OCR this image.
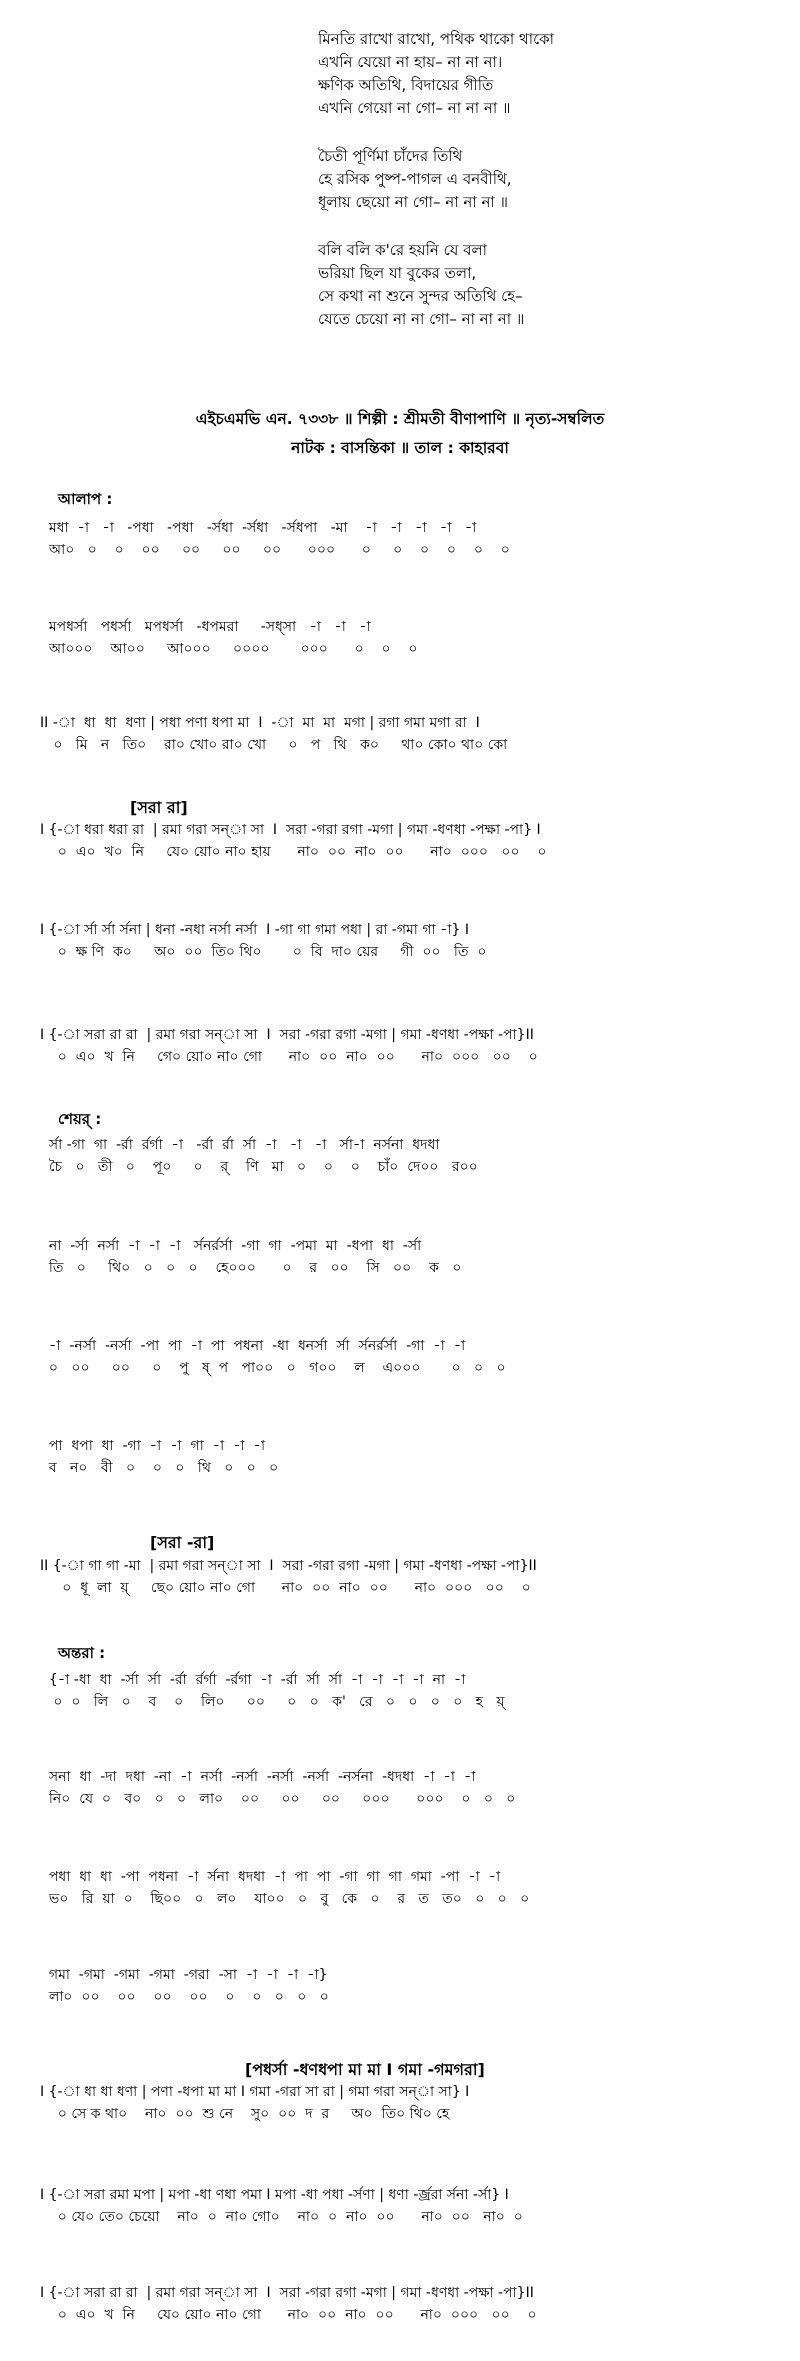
মিনতি রাখো রাখো, পথিক থাকো থাকো
এখনি যেয়ো না হায়– না না না।
ক্ষণিক অতিথি, বিদায়ের গীতি
এখনি গেয়ো না গো– না না না ॥
চৈতী পূর্ণিমা চাঁদের তিথি
হে রসিক পুষ্প-পাগল এ বনবীথি,
ধূলায় ছেয়ো না গো– না না না ॥
বলি বলি ক'রে হয়নি যে বলা
ভরিয়া ছিল যা বুকের তলা,
সে কথা না শুনে সুন্দর অতিথি হে–
যেতে চেয়ো না না গো– না না না ॥
এইচএমভি এন. ৭৩৩৮ ॥ শিল্পী : শ্রীমতী বীণাপাণি ॥ নৃত্য-সম্বলিত
নাটক : বাসন্তিকা ॥ তাল : কাহারবা
আলাপ :
মধা  -া   -া   -পধা   -পধা   -র্সধা  -র্সধা   -র্সধপা   -মা    -া   -া   -া   -া   -া
আ০   ০    ০    ০০     ০০     ০০     ০০      ০০০      ০     ০    ০    ০    ০    ০
মপধর্সা   পধর্সা   মপধর্সা   -ধপমরা     -সধ্সা   -া   -া   -া
আ০০০    আ০০     আ০০০     ০০০০       ০০০      ০    ০    ০
II -া  ধা  ধা  ধণা | পধা পণা ধপা মা  I  -া  মা  মা  মগা | রগা গমা মগা রা  I
০   মি   ন   তি০    রা০ খো০ রা০ খো     ০   প   থি   ক০     থা০ কো০ থা০ কো
[সরা রা]
I {-া ধরা ধরা রা  | রমা গরা সন্‌া সা  I  সরা -গরা রগা -মগা | গমা -ধণধা -পক্ষা -পা} I
০  এ০  খ০  নি     যে০ য়ো০ না০ হায়      না০  ০০  না০  ০০      না০  ০০০   ০০    ০
I {-া র্সা র্সা র্সনা | ধনা -নধা নর্সা নর্সা  I -গা গা গমা পধা | রা -গমা গা -া} I
০  ক্ষ ণি  ক০     অ০  ০০  তি০ থি০       ০  বি  দা০ য়ের     গী  ০০   তি  ০
I {-া সরা রা রা  | রমা গরা সন্‌া সা  I  সরা -গরা রগা -মগা | গমা -ধণধা -পক্ষা -পা}II
০  এ০  খ  নি     গে০ য়ো০ না০ গো      না০  ০০  না০  ০০      না০  ০০০   ০০    ০
শেয়র্ :
র্সা -গা  গা  -র্রা  র্রর্গা  -া   -র্রা  র্রা  র্সা  -া   -া   -া   র্সা-া  নর্সনা  ধদধা
চৈ   ০   তী   ০    পূ০     ০    র্    ণি   মা   ০    ০    ০    চাঁ০  দে০০   র০০
না  -র্সা  নর্সা  -া  -া  -া   র্সনর্রর্সা  -গা  গা  -পমা  মা  -ধপা  ধা  -র্সা
তি   ০     থি০   ০   ০   ০    হে০০০      ০    র   ০০    সি   ০০    ক   ০
-া  -নর্সা  -নর্সা  -পা  পা  -া  পা  পধনা  -ধা  ধনর্সা  র্সা  র্সনর্রর্সা  -গা  -া  -া
০   ০০     ০০     ০    পু   ষ্  প   পা০০   ০   গ০০    ল    এ০০০       ০   ০   ০
পা  ধপা  ধা  -গা  -া  -া  গা  -া  -া  -া
ব   ন০   বী   ০    ০   ০   থি   ০   ০   ০
[সরা -রা]
II {-া গা গা -মা  | রমা গরা সন্‌া সা  I  সরা -গরা রগা -মগা | গমা -ধণধা -পক্ষা -পা}II
০  ধূ  লা  য়্     ছে০ য়ো০ না০ গো      না০  ০০  না০  ০০      না০  ০০০   ০০    ০
অন্তরা :
{-া -ধা  ধা  -র্সা  র্সা  -র্রা  র্রর্গা  -র্রগা  -া  -র্রা  র্সা  র্সা  -া  -া  -া  -া  না  -া
০  ০   লি   ০    ব    ০    লি০     ০০     ০   ০   ক'   রে   ০   ০   ০   ০   হ   য়্
সনা  ধা  -দা  দধা  -না  -া  নর্সা  -নর্সা  -নর্সা  -নর্সা  -নর্সনা  -ধদধা  -া  -া  -া
নি০  যে  ০   ব০   ০   ০   লা০    ০০     ০০     ০০     ০০০      ০০০    ০   ০   ০
পধা  ধা  ধা  -পা  পধনা  -া  র্সনা  ধদধা  -া  পা  পা  -গা  গা  গা  গমা  -পা  -া  -া
ভ০   রি  য়া  ০    ছি০০   ০   ল০    যা০০   ০   বু   কে   ০    র   ত   ত০   ০   ০   ০
গমা  -গমা  -গমা  -গমা  -গরা  -সা  -া  -া  -া  -া}
লা০  ০০    ০০    ০০    ০০    ০    ০   ০   ০   ০
[পধর্সা -ধণধপা মা মা I গমা -গমগরা]
I {-া ধা ধা ধণা | পণা -ধপা মা মা I গমা -গরা সা রা | গমা গরা সন্‌া সা} I
০ সে ক থা০    না০  ০০  শু নে    সু০  ০০  দ  র     অ০  তি০ থি০ হে
I {-া সরা রমা মপা | মপা -ধা ণধা পমা I মপা -ধা পধা -র্সণা | ধণা -র্জ্ররা র্সনা -র্সা} I
০ যে০ তে০ চেয়ো    না০  ০  না০ গো০    না০  ০  না০  ০০      না০  ০০   না০  ০
I {-া সরা রা রা  | রমা গরা সন্‌া সা  I  সরা -গরা রগা -মগা | গমা -ধণধা -পক্ষা -পা}II
০  এ০  খ  নি     যে০ য়ো০ না০ গো      না০  ০০  না০  ০০      না০  ০০০   ০০    ০
